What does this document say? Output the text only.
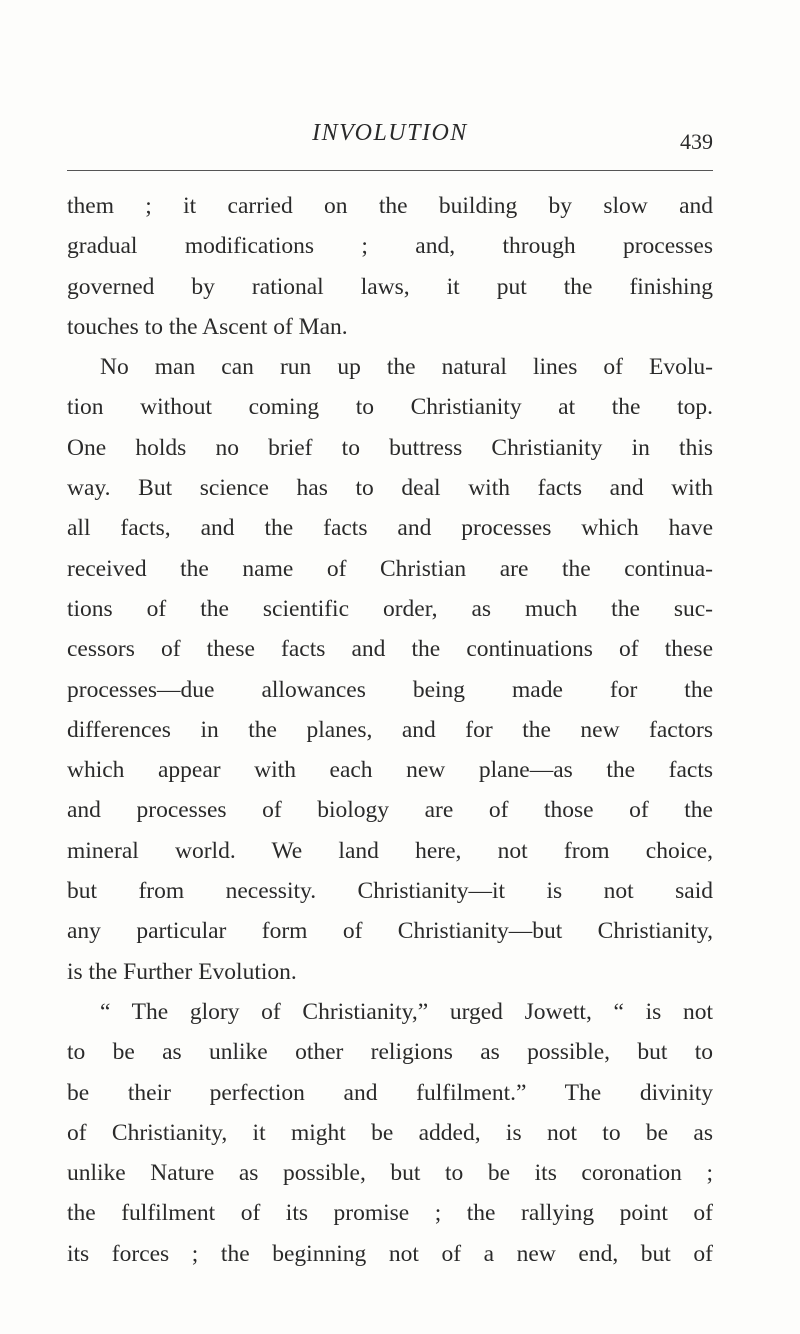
INVOLUTION	439
them ; it carried on the building by slow and
gradual modifications ; and, through processes
governed by rational laws, it put the finishing
touches to the Ascent of Man.
No man can run up the natural lines of Evolu-
tion without coming to Christianity at the top.
One holds no brief to buttress Christianity in this
way. But science has to deal with facts and with
all facts, and the facts and processes which have
received the name of Christian are the continua-
tions of the scientific order, as much the suc-
cessors of these facts and the continuations of these
processes—due allowances being made for the
differences in the planes, and for the new factors
which appear with each new plane—as the facts
and processes of biology are of those of the
mineral world. We land here, not from choice,
but from necessity. Christianity—it is not said
any particular form of Christianity—but Christianity,
is the Further Evolution.
“ The glory of Christianity,” urged Jowett, “ is not
to be as unlike other religions as possible, but to
be their perfection and fulfilment.” The divinity
of Christianity, it might be added, is not to be as
unlike Nature as possible, but to be its coronation ;
the fulfilment of its promise ; the rallying point of
its forces ; the beginning not of a new end, but of
